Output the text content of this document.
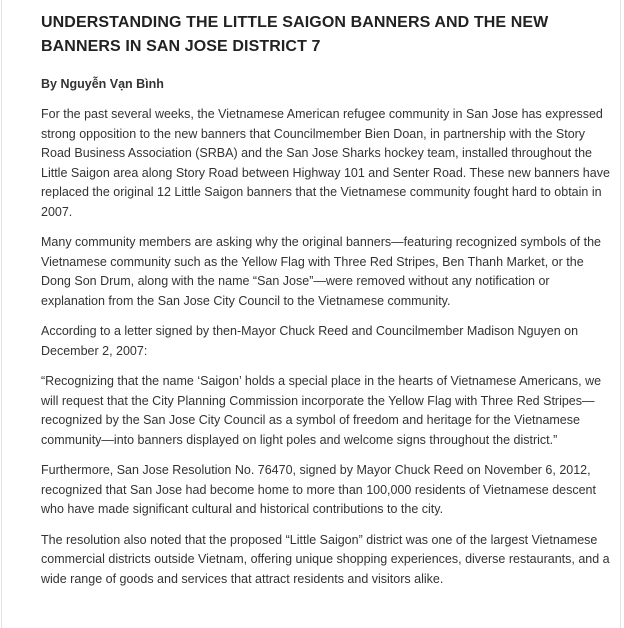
UNDERSTANDING THE LITTLE SAIGON BANNERS AND THE NEW BANNERS IN SAN JOSE DISTRICT 7

By Nguyễn Vạn Bình

For the past several weeks, the Vietnamese American refugee community in San Jose has expressed strong opposition to the new banners that Councilmember Bien Doan, in partnership with the Story Road Business Association (SRBA) and the San Jose Sharks hockey team, installed throughout the Little Saigon area along Story Road between Highway 101 and Senter Road. These new banners have replaced the original 12 Little Saigon banners that the Vietnamese community fought hard to obtain in 2007.

Many community members are asking why the original banners—featuring recognized symbols of the Vietnamese community such as the Yellow Flag with Three Red Stripes, Ben Thanh Market, or the Dong Son Drum, along with the name “San Jose”—were removed without any notification or explanation from the San Jose City Council to the Vietnamese community.

According to a letter signed by then-Mayor Chuck Reed and Councilmember Madison Nguyen on December 2, 2007:

“Recognizing that the name ‘Saigon’ holds a special place in the hearts of Vietnamese Americans, we will request that the City Planning Commission incorporate the Yellow Flag with Three Red Stripes—recognized by the San Jose City Council as a symbol of freedom and heritage for the Vietnamese community—into banners displayed on light poles and welcome signs throughout the district.”

Furthermore, San Jose Resolution No. 76470, signed by Mayor Chuck Reed on November 6, 2012, recognized that San Jose had become home to more than 100,000 residents of Vietnamese descent who have made significant cultural and historical contributions to the city.

The resolution also noted that the proposed “Little Saigon” district was one of the largest Vietnamese commercial districts outside Vietnam, offering unique shopping experiences, diverse restaurants, and a wide range of goods and services that attract residents and visitors alike.
